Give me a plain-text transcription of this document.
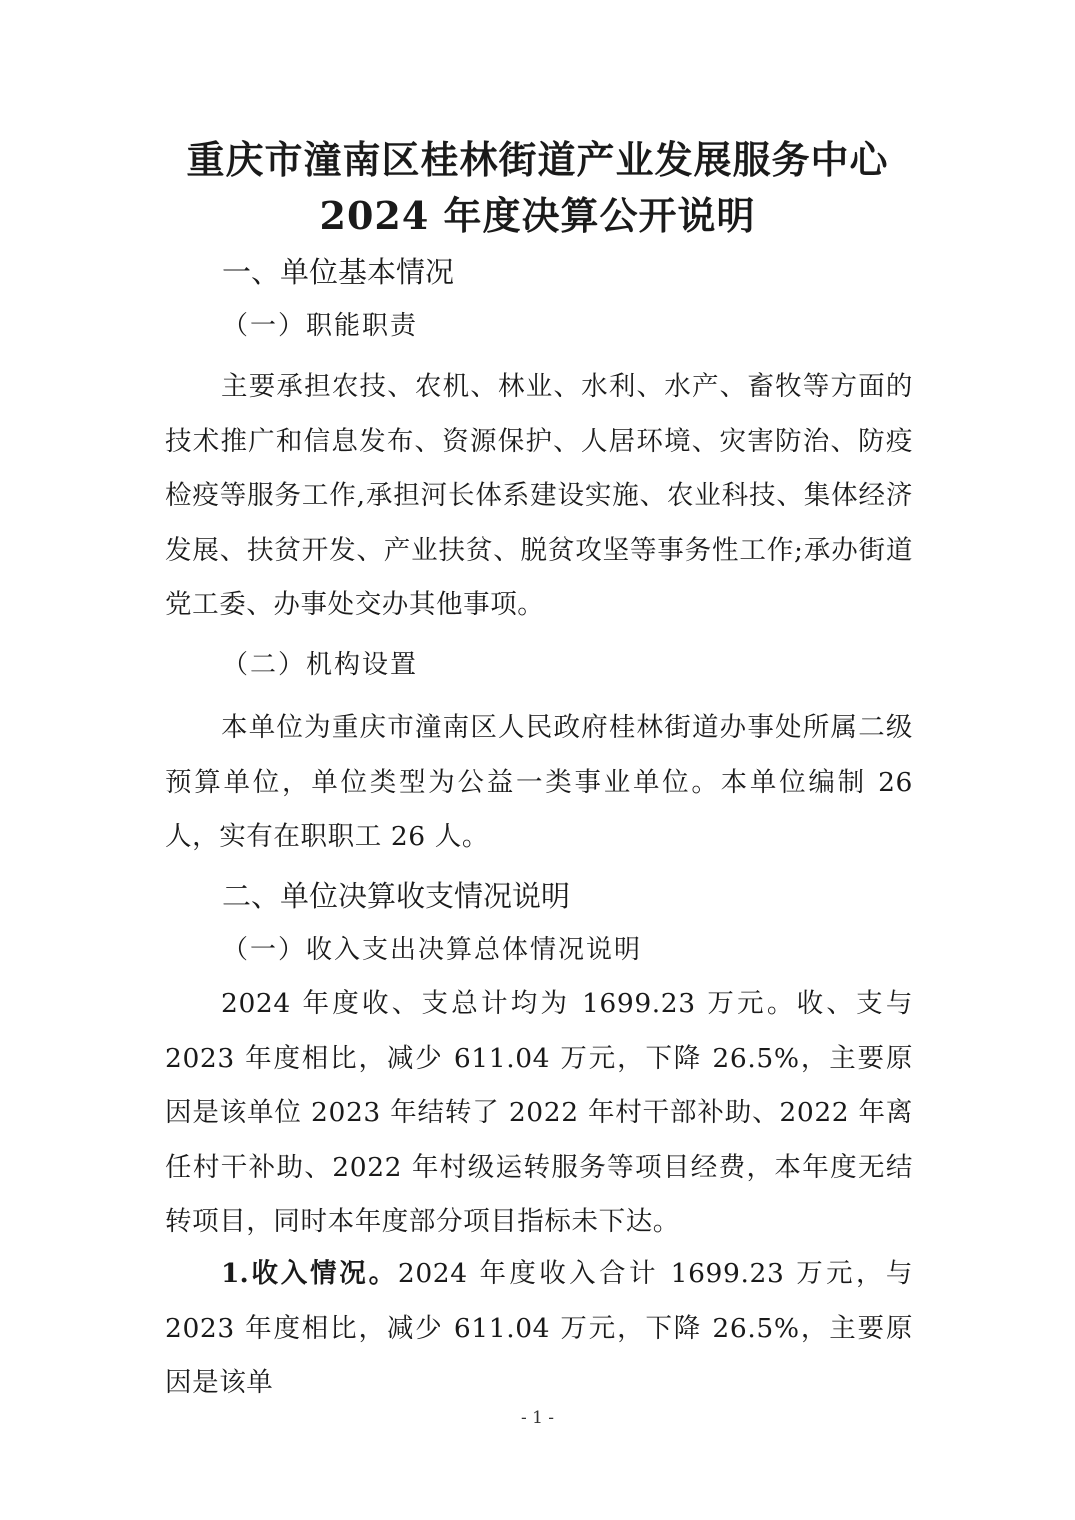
重庆市潼南区桂林街道产业发展服务中心
2024 年度决算公开说明
一、单位基本情况
（一）职能职责

主要承担农技、农机、林业、水利、水产、畜牧等方面的技术推广和信息发布、资源保护、人居环境、灾害防治、防疫检疫等服务工作,承担河长体系建设实施、农业科技、集体经济发展、扶贫开发、产业扶贫、脱贫攻坚等事务性工作;承办街道党工委、办事处交办其他事项。

（二）机构设置

本单位为重庆市潼南区人民政府桂林街道办事处所属二级预算单位，单位类型为公益一类事业单位。本单位编制 26 人，实有在职职工 26 人。

二、单位决算收支情况说明
（一）收入支出决算总体情况说明

2024 年度收、支总计均为 1699.23 万元。收、支与 2023 年度相比，减少 611.04 万元，下降 26.5%，主要原因是该单位 2023 年结转了 2022 年村干部补助、2022 年离任村干补助、2022 年村级运转服务等项目经费，本年度无结转项目，同时本年度部分项目指标未下达。

1.收入情况。2024 年度收入合计 1699.23 万元，与 2023 年度相比，减少 611.04 万元，下降 26.5%，主要原因是该单

- 1 -
